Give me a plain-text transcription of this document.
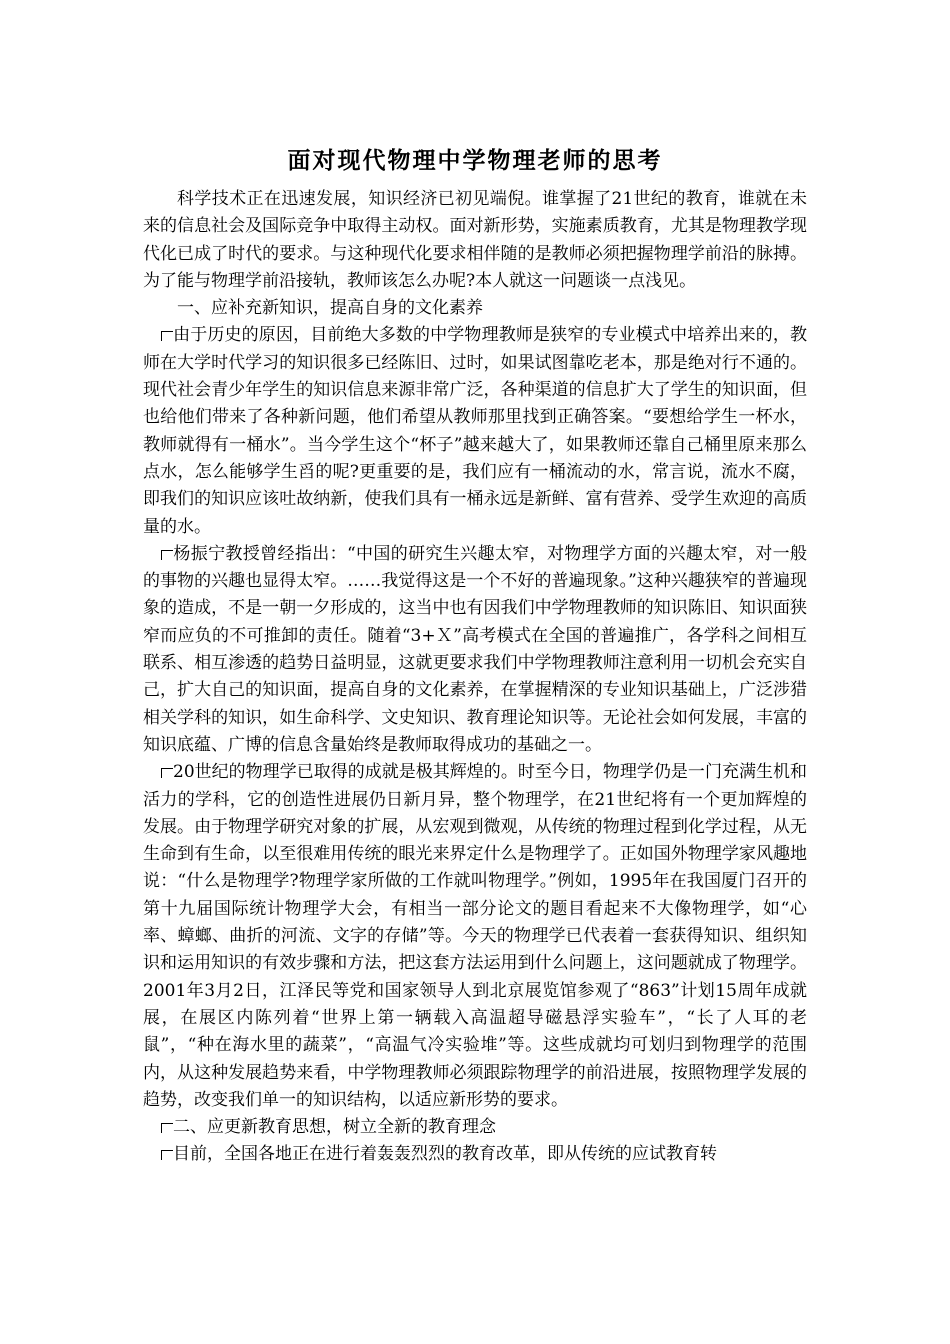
面对现代物理中学物理老师的思考

科学技术正在迅速发展，知识经济已初见端倪。谁掌握了21世纪的教育，谁就在未来的信息社会及国际竞争中取得主动权。面对新形势，实施素质教育，尤其是物理教学现代化已成了时代的要求。与这种现代化要求相伴随的是教师必须把握物理学前沿的脉搏。为了能与物理学前沿接轨，教师该怎么办呢?本人就这一问题谈一点浅见。

一、应补充新知识，提高自身的文化素养

由于历史的原因，目前绝大多数的中学物理教师是狭窄的专业模式中培养出来的，教师在大学时代学习的知识很多已经陈旧、过时，如果试图靠吃老本，那是绝对行不通的。现代社会青少年学生的知识信息来源非常广泛，各种渠道的信息扩大了学生的知识面，但也给他们带来了各种新问题，他们希望从教师那里找到正确答案。“要想给学生一杯水，教师就得有一桶水”。当今学生这个“杯子”越来越大了，如果教师还靠自己桶里原来那么点水，怎么能够学生舀的呢?更重要的是，我们应有一桶流动的水，常言说，流水不腐，即我们的知识应该吐故纳新，使我们具有一桶永远是新鲜、富有营养、受学生欢迎的高质量的水。

杨振宁教授曾经指出：“中国的研究生兴趣太窄，对物理学方面的兴趣太窄，对一般的事物的兴趣也显得太窄。……我觉得这是一个不好的普遍现象。”这种兴趣狭窄的普遍现象的造成，不是一朝一夕形成的，这当中也有因我们中学物理教师的知识陈旧、知识面狭窄而应负的不可推卸的责任。随着“3+Ｘ”高考模式在全国的普遍推广，各学科之间相互联系、相互渗透的趋势日益明显，这就更要求我们中学物理教师注意利用一切机会充实自己，扩大自己的知识面，提高自身的文化素养，在掌握精深的专业知识基础上，广泛涉猎相关学科的知识，如生命科学、文史知识、教育理论知识等。无论社会如何发展，丰富的知识底蕴、广博的信息含量始终是教师取得成功的基础之一。

20世纪的物理学已取得的成就是极其辉煌的。时至今日，物理学仍是一门充满生机和活力的学科，它的创造性进展仍日新月异，整个物理学，在21世纪将有一个更加辉煌的发展。由于物理学研究对象的扩展，从宏观到微观，从传统的物理过程到化学过程，从无生命到有生命，以至很难用传统的眼光来界定什么是物理学了。正如国外物理学家风趣地说：“什么是物理学?物理学家所做的工作就叫物理学。”例如，1995年在我国厦门召开的第十九届国际统计物理学大会，有相当一部分论文的题目看起来不大像物理学，如“心率、蟑螂、曲折的河流、文字的存储”等。今天的物理学已代表着一套获得知识、组织知识和运用知识的有效步骤和方法，把这套方法运用到什么问题上，这问题就成了物理学。2001年3月2日，江泽民等党和国家领导人到北京展览馆参观了“863”计划15周年成就展，在展区内陈列着“世界上第一辆载入高温超导磁悬浮实验车”，“长了人耳的老鼠”，“种在海水里的蔬菜”，“高温气冷实验堆”等。这些成就均可划归到物理学的范围内，从这种发展趋势来看，中学物理教师必须跟踪物理学的前沿进展，按照物理学发展的趋势，改变我们单一的知识结构，以适应新形势的要求。

二、应更新教育思想，树立全新的教育理念

目前，全国各地正在进行着轰轰烈烈的教育改革，即从传统的应试教育转
